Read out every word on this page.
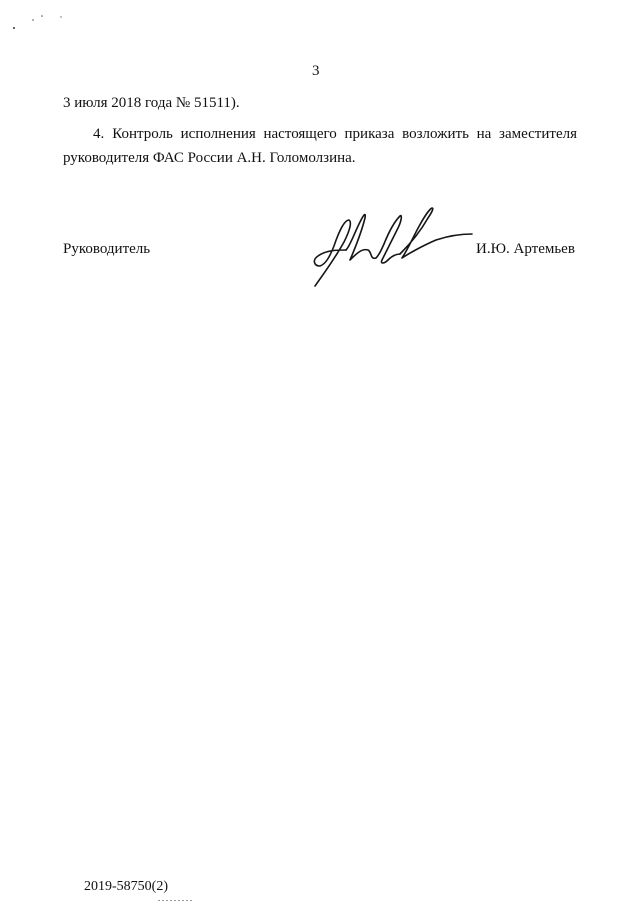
3
3 июля 2018 года № 51511).
4. Контроль исполнения настоящего приказа возложить на заместителя
руководителя ФАС России А.Н. Голомолзина.
Руководитель	И.Ю. Артемьев
2019-58750(2)
